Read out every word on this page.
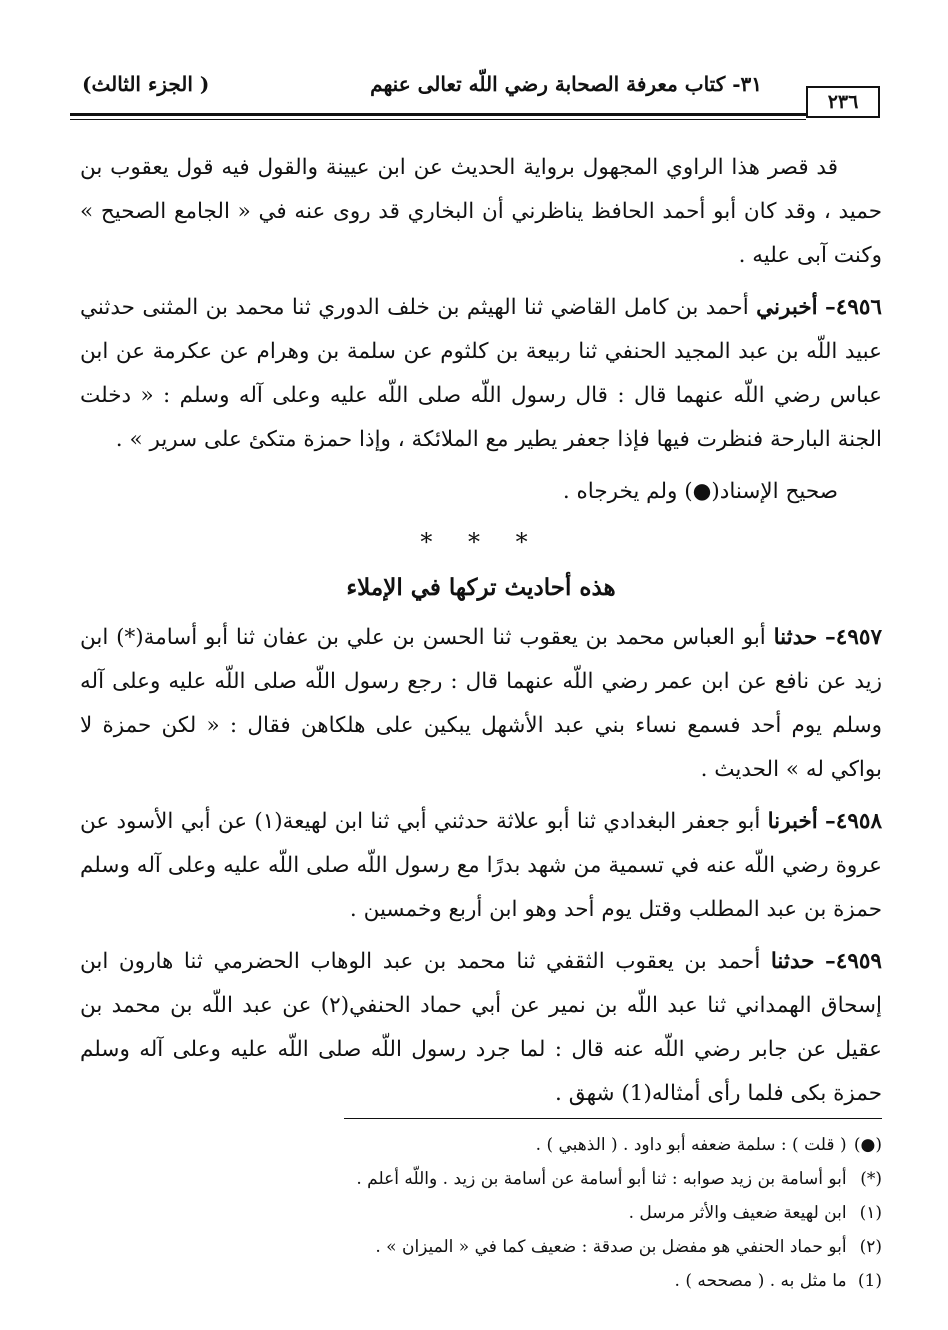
٢٣٦
٣١- كتاب معرفة الصحابة رضي اللّه تعالى عنهم
( الجزء الثالث)

قد قصر هذا الراوي المجهول برواية الحديث عن ابن عيينة والقول فيه قول يعقوب بن حميد ، وقد كان أبو أحمد الحافظ يناظرني أن البخاري قد روى عنه في « الجامع الصحيح » وكنت آبى عليه .

٤٩٥٦– أخبرني أحمد بن كامل القاضي ثنا الهيثم بن خلف الدوري ثنا محمد بن المثنى حدثني عبيد اللّه بن عبد المجيد الحنفي ثنا ربيعة بن كلثوم عن سلمة بن وهرام عن عكرمة عن ابن عباس رضي اللّه عنهما قال : قال رسول اللّه صلى اللّه عليه وعلى آله وسلم : « دخلت الجنة البارحة فنظرت فيها فإذا جعفر يطير مع الملائكة ، وإذا حمزة متكئ على سرير » .

صحيح الإسناد(●) ولم يخرجاه .

* * *
هذه أحاديث تركها في الإملاء

٤٩٥٧– حدثنا أبو العباس محمد بن يعقوب ثنا الحسن بن علي بن عفان ثنا أبو أسامة(*) ابن زيد عن نافع عن ابن عمر رضي اللّه عنهما قال : رجع رسول اللّه صلى اللّه عليه وعلى آله وسلم يوم أحد فسمع نساء بني عبد الأشهل يبكين على هلكاهن فقال : « لكن حمزة لا بواكي له » الحديث .

٤٩٥٨– أخبرنا أبو جعفر البغدادي ثنا أبو علاثة حدثني أبي ثنا ابن لهيعة(١) عن أبي الأسود عن عروة رضي اللّه عنه في تسمية من شهد بدرًا مع رسول اللّه صلى اللّه عليه وعلى آله وسلم حمزة بن عبد المطلب وقتل يوم أحد وهو ابن أربع وخمسين .

٤٩٥٩– حدثنا أحمد بن يعقوب الثقفي ثنا محمد بن عبد الوهاب الحضرمي ثنا هارون ابن إسحاق الهمداني ثنا عبد اللّه بن نمير عن أبي حماد الحنفي(٢) عن عبد اللّه بن محمد بن عقيل عن جابر رضي اللّه عنه قال : لما جرد رسول اللّه صلى اللّه عليه وعلى آله وسلم حمزة بكى فلما رأى أمثاله(1) شهق .

(●) ( قلت ) : سلمة ضعفه أبو داود . ( الذهبي ) .

(*) أبو أسامة بن زيد صوابه : ثنا أبو أسامة عن أسامة بن زيد . واللّه أعلم .

(١) ابن لهيعة ضعيف والأثر مرسل .

(٢) أبو حماد الحنفي هو مفضل بن صدقة : ضعيف كما في « الميزان » .

(1) ما مثل به . ( مصححه ) .
